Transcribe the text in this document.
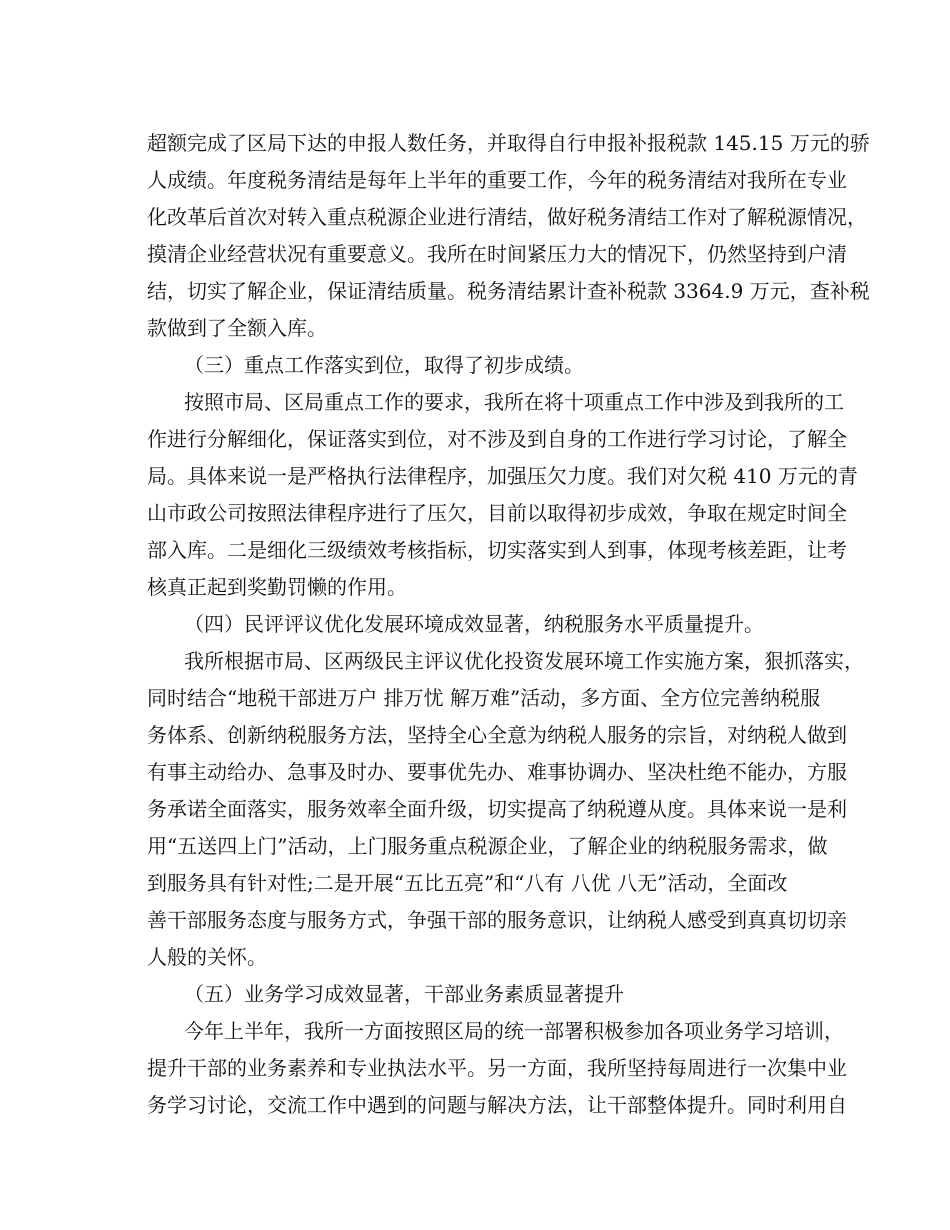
超额完成了区局下达的申报人数任务，并取得自行申报补报税款 145.15 万元的骄
人成绩。年度税务清结是每年上半年的重要工作，今年的税务清结对我所在专业
化改革后首次对转入重点税源企业进行清结，做好税务清结工作对了解税源情况，
摸清企业经营状况有重要意义。我所在时间紧压力大的情况下，仍然坚持到户清
结，切实了解企业，保证清结质量。税务清结累计查补税款 3364.9 万元，查补税
款做到了全额入库。
（三）重点工作落实到位，取得了初步成绩。
按照市局、区局重点工作的要求，我所在将十项重点工作中涉及到我所的工
作进行分解细化，保证落实到位，对不涉及到自身的工作进行学习讨论，了解全
局。具体来说一是严格执行法律程序，加强压欠力度。我们对欠税 410 万元的青
山市政公司按照法律程序进行了压欠，目前以取得初步成效，争取在规定时间全
部入库。二是细化三级绩效考核指标，切实落实到人到事，体现考核差距，让考
核真正起到奖勤罚懒的作用。
（四）民评评议优化发展环境成效显著，纳税服务水平质量提升。
我所根据市局、区两级民主评议优化投资发展环境工作实施方案，狠抓落实，
同时结合“地税干部进万户 排万忧 解万难”活动，多方面、全方位完善纳税服
务体系、创新纳税服务方法，坚持全心全意为纳税人服务的宗旨，对纳税人做到
有事主动给办、急事及时办、要事优先办、难事协调办、坚决杜绝不能办，方服
务承诺全面落实，服务效率全面升级，切实提高了纳税遵从度。具体来说一是利
用“五送四上门”活动，上门服务重点税源企业，了解企业的纳税服务需求，做
到服务具有针对性;二是开展“五比五亮”和“八有 八优 八无”活动，全面改
善干部服务态度与服务方式，争强干部的服务意识，让纳税人感受到真真切切亲
人般的关怀。
（五）业务学习成效显著，干部业务素质显著提升
今年上半年，我所一方面按照区局的统一部署积极参加各项业务学习培训，
提升干部的业务素养和专业执法水平。另一方面，我所坚持每周进行一次集中业
务学习讨论，交流工作中遇到的问题与解决方法，让干部整体提升。同时利用自
